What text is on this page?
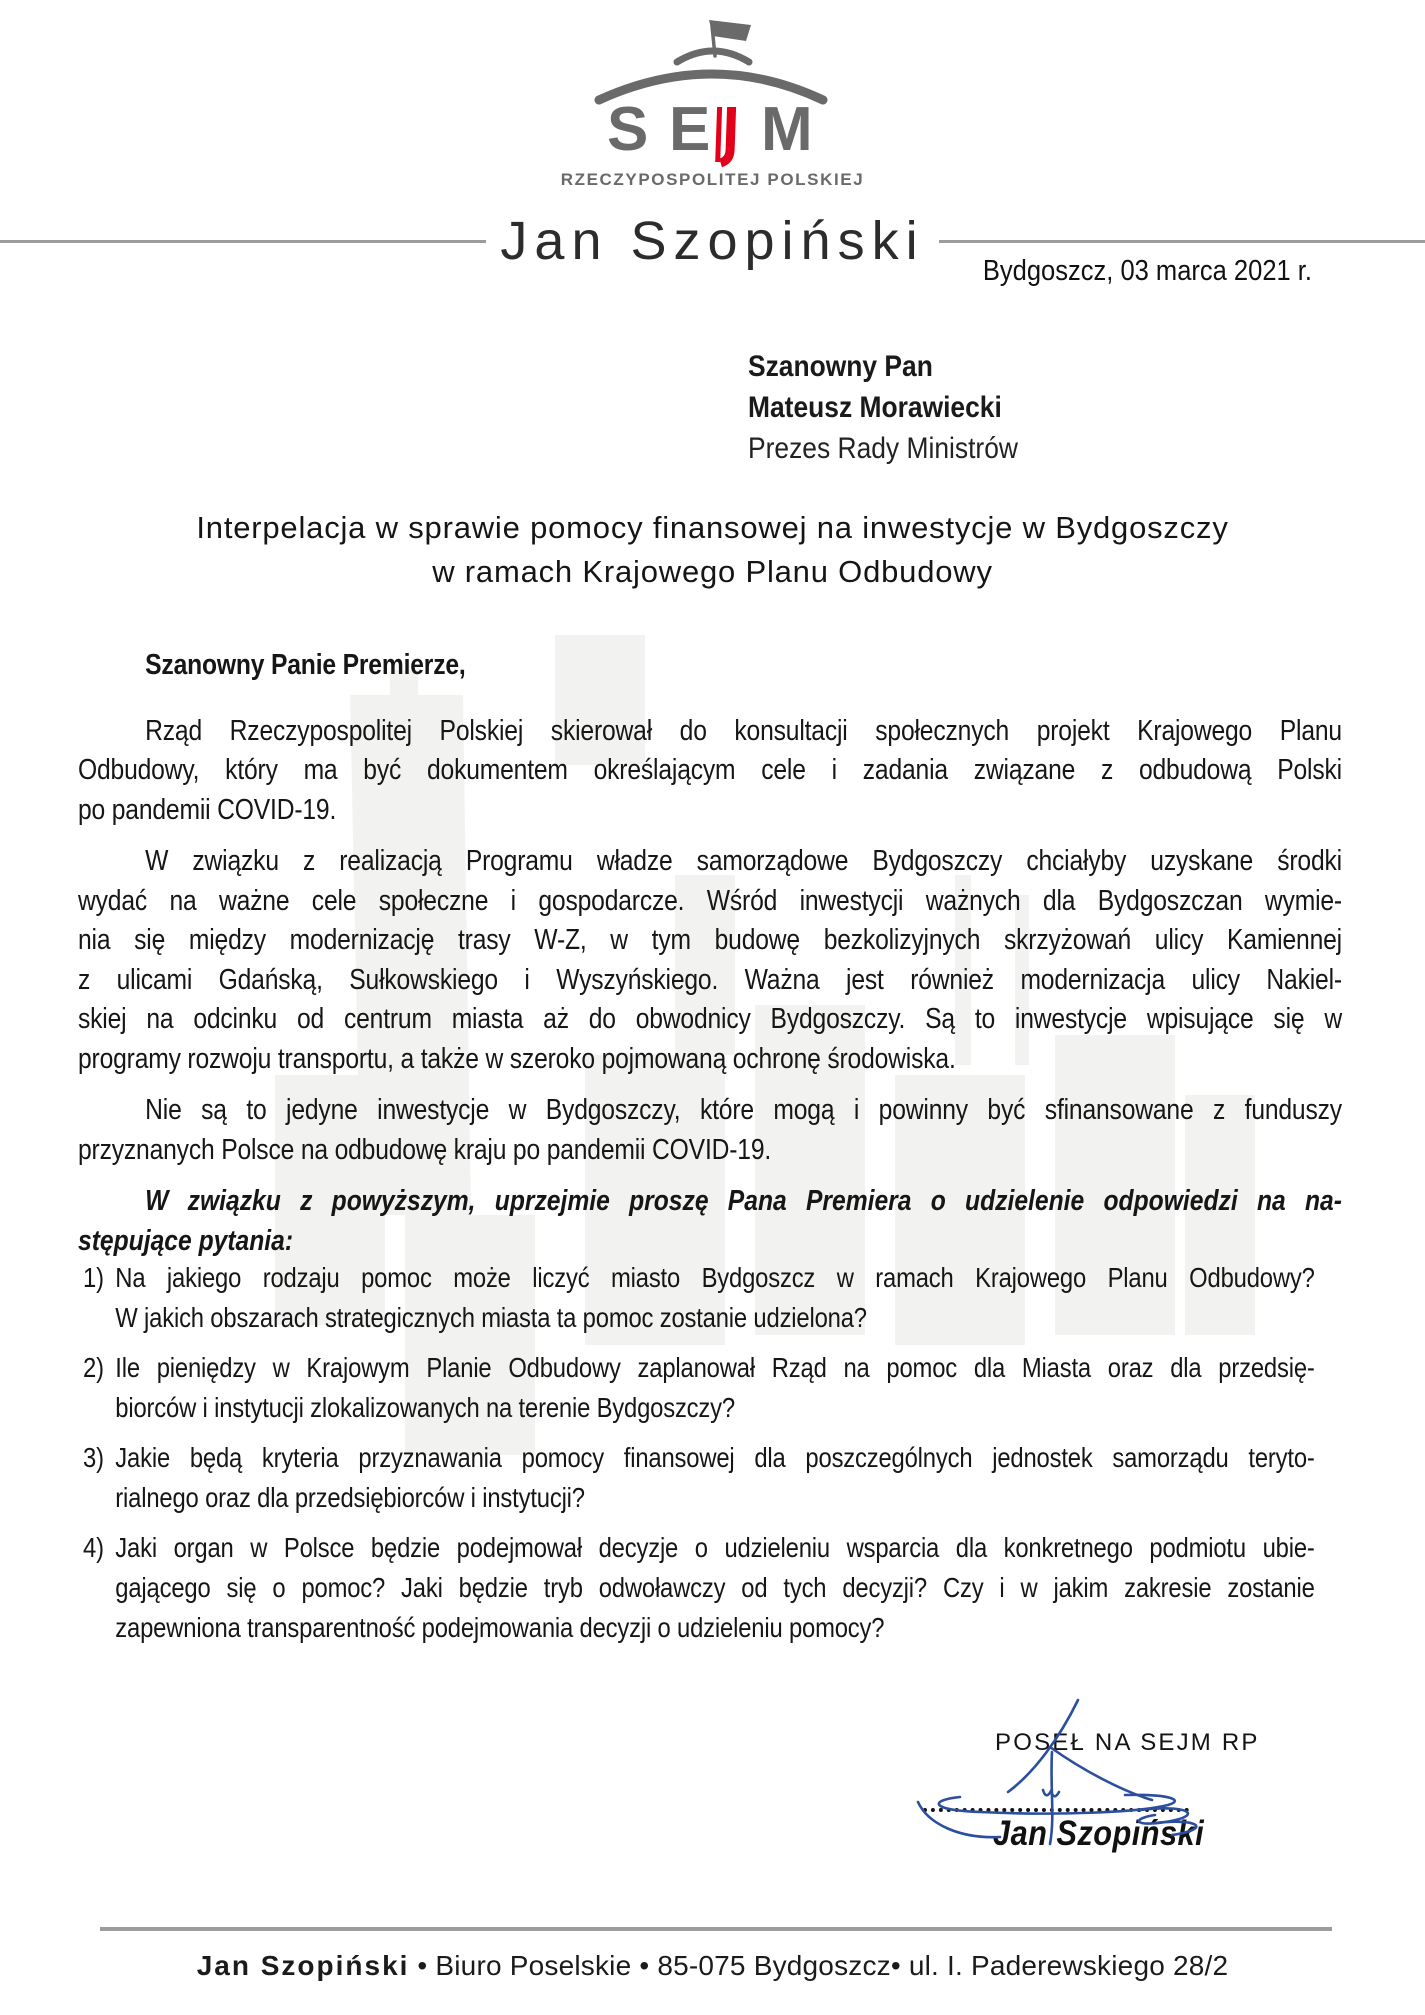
S E M
RZECZYPOSPOLITEJ POLSKIEJ
Jan Szopiński Bydgoszcz, 03 marca 2021 r.
Szanowny Pan
Mateusz Morawiecki
Prezes Rady Ministrów
Interpelacja w sprawie pomocy finansowej na inwestycje w Bydgoszczy
w ramach Krajowego Planu Odbudowy
Szanowny Panie Premierze,
Rząd Rzeczypospolitej Polskiej skierował do konsultacji społecznych projekt Krajowego Planu
Odbudowy, który ma być dokumentem określającym cele i zadania związane z odbudową Polski
po pandemii COVID-19.
W związku z realizacją Programu władze samorządowe Bydgoszczy chciałyby uzyskane środki
wydać na ważne cele społeczne i gospodarcze. Wśród inwestycji ważnych dla Bydgoszczan wymie-
nia się między modernizację trasy W-Z, w tym budowę bezkolizyjnych skrzyżowań ulicy Kamiennej
z ulicami Gdańską, Sułkowskiego i Wyszyńskiego. Ważna jest również modernizacja ulicy Nakiel-
skiej na odcinku od centrum miasta aż do obwodnicy Bydgoszczy. Są to inwestycje wpisujące się w
programy rozwoju transportu, a także w szeroko pojmowaną ochronę środowiska.
Nie są to jedyne inwestycje w Bydgoszczy, które mogą i powinny być sfinansowane z funduszy
przyznanych Polsce na odbudowę kraju po pandemii COVID-19.
W związku z powyższym, uprzejmie proszę Pana Premiera o udzielenie odpowiedzi na na-
stępujące pytania:
1) Na jakiego rodzaju pomoc może liczyć miasto Bydgoszcz w ramach Krajowego Planu Odbudowy?
W jakich obszarach strategicznych miasta ta pomoc zostanie udzielona?
2) Ile pieniędzy w Krajowym Planie Odbudowy zaplanował Rząd na pomoc dla Miasta oraz dla przedsię-
biorców i instytucji zlokalizowanych na terenie Bydgoszczy?
3) Jakie będą kryteria przyznawania pomocy finansowej dla poszczególnych jednostek samorządu teryto-
rialnego oraz dla przedsiębiorców i instytucji?
4) Jaki organ w Polsce będzie podejmował decyzje o udzieleniu wsparcia dla konkretnego podmiotu ubie-
gającego się o pomoc? Jaki będzie tryb odwoławczy od tych decyzji? Czy i w jakim zakresie zostanie
zapewniona transparentność podejmowania decyzji o udzieleniu pomocy?
POSEŁ NA SEJM RP
Jan Szopiński
Jan Szopiński • Biuro Poselskie • 85-075 Bydgoszcz• ul. I. Paderewskiego 28/2
